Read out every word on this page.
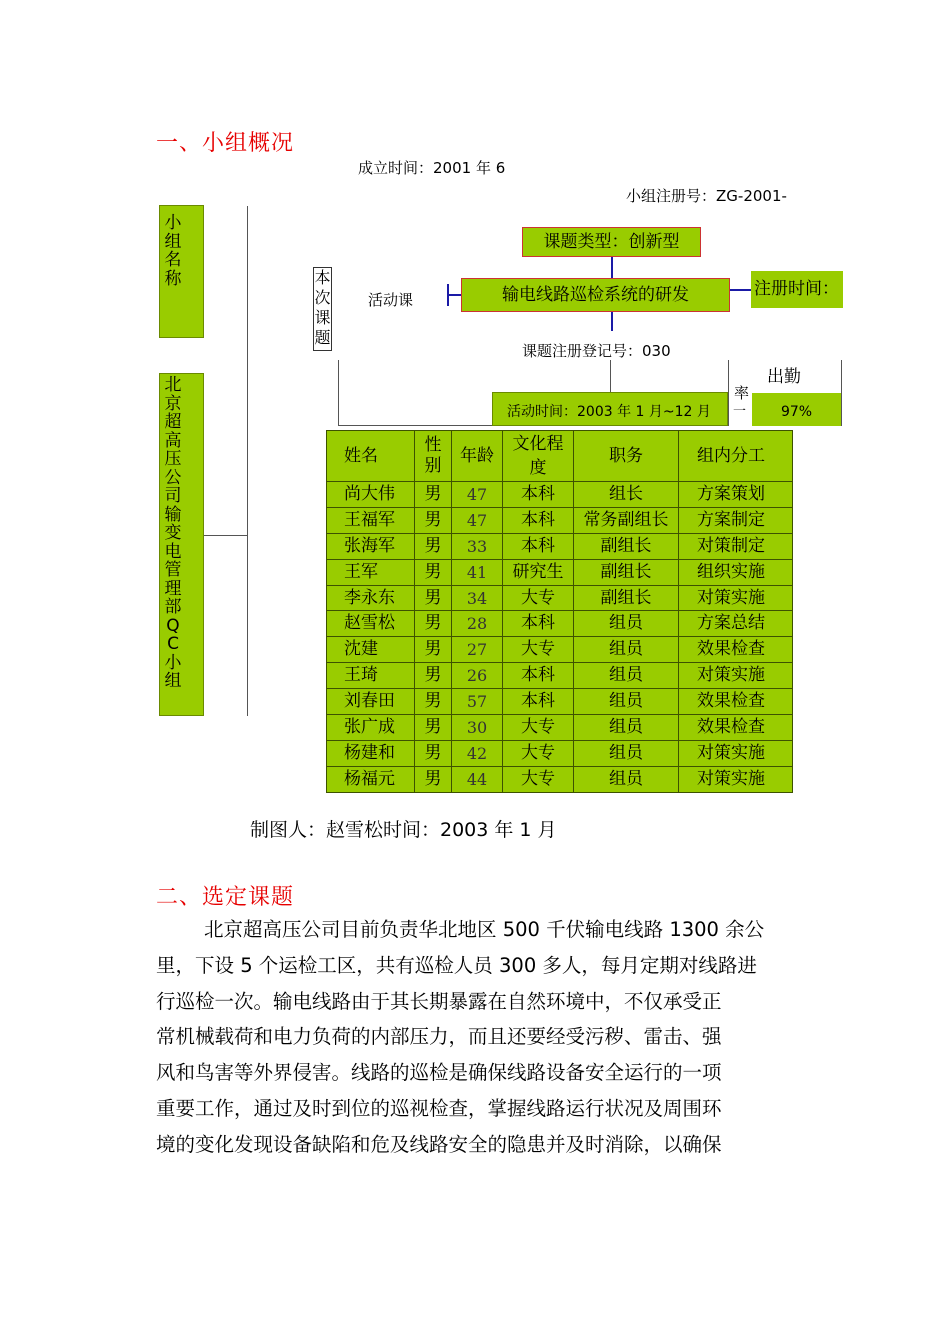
一、小组概况
成立时间：2001 年 6
小组注册号：ZG-2001-
小组名称
北京超高压公司输变电管理部QC小组
本次课题
活动课
课题类型：创新型
输电线路巡检系统的研发	注册时间：
课题注册登记号：030
活动时间：2003 年 1 月~12 月
出勤
率
一	97%
姓名	性别	年龄	文化程度	职务	组内分工
尚大伟	男	47	本科	组长	方案策划
王福军	男	47	本科	常务副组长	方案制定
张海军	男	33	本科	副组长	对策制定
王军	男	41	研究生	副组长	组织实施
李永东	男	34	大专	副组长	对策实施
赵雪松	男	28	本科	组员	方案总结
沈建	男	27	大专	组员	效果检查
王琦	男	26	本科	组员	对策实施
刘春田	男	57	本科	组员	效果检查
张广成	男	30	大专	组员	效果检查
杨建和	男	42	大专	组员	对策实施
杨福元	男	44	大专	组员	对策实施
制图人：赵雪松时间：2003 年 1 月
二、选定课题
北京超高压公司目前负责华北地区 500 千伏输电线路 1300 余公
里，下设 5 个运检工区，共有巡检人员 300 多人，每月定期对线路进
行巡检一次。输电线路由于其长期暴露在自然环境中，不仅承受正
常机械载荷和电力负荷的内部压力，而且还要经受污秽、雷击、强
风和鸟害等外界侵害。线路的巡检是确保线路设备安全运行的一项
重要工作，通过及时到位的巡视检查，掌握线路运行状况及周围环
境的变化发现设备缺陷和危及线路安全的隐患并及时消除，以确保
